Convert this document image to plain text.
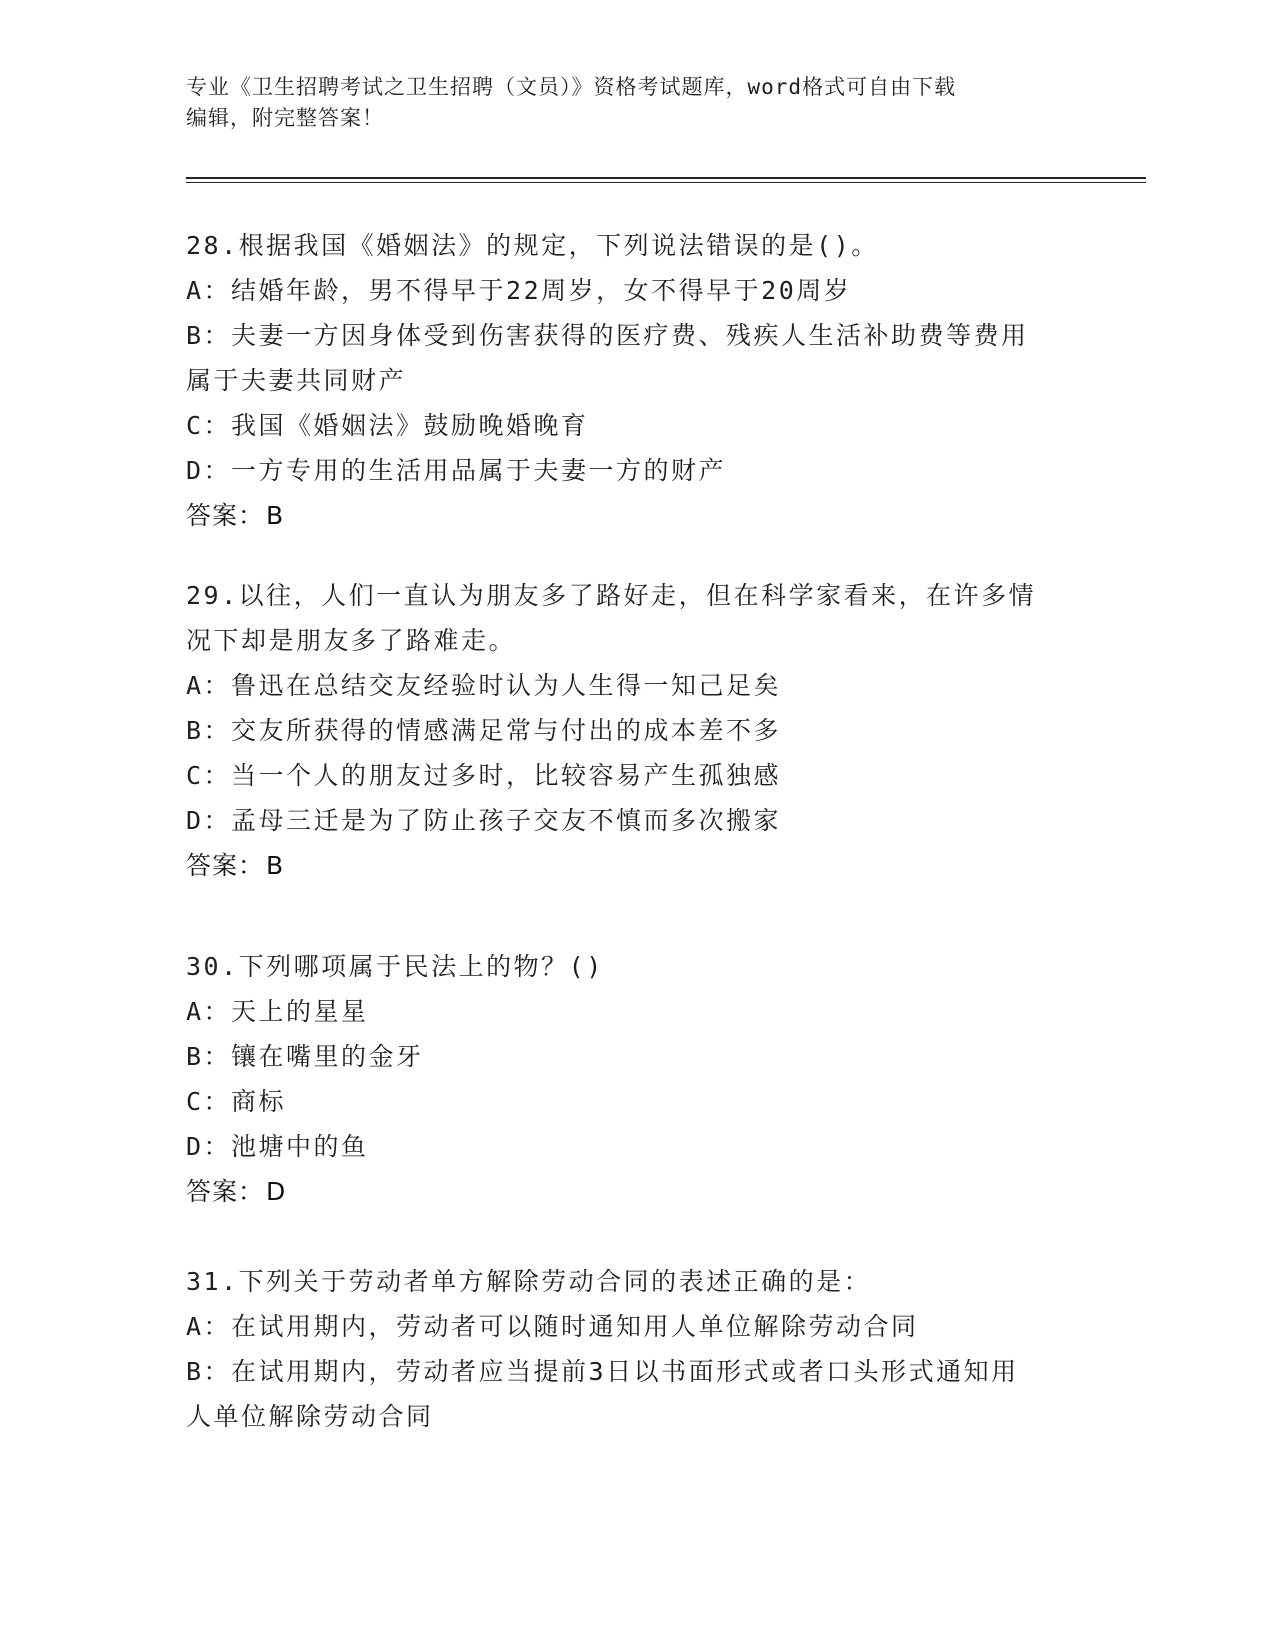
专业《卫生招聘考试之卫生招聘（文员）》资格考试题库，word格式可自由下载
编辑，附完整答案！
28.根据我国《婚姻法》的规定，下列说法错误的是()。
A：结婚年龄，男不得早于22周岁，女不得早于20周岁
B：夫妻一方因身体受到伤害获得的医疗费、残疾人生活补助费等费用
属于夫妻共同财产
C：我国《婚姻法》鼓励晚婚晚育
D：一方专用的生活用品属于夫妻一方的财产
答案：B
29.以往，人们一直认为朋友多了路好走，但在科学家看来，在许多情
况下却是朋友多了路难走。
A：鲁迅在总结交友经验时认为人生得一知己足矣
B：交友所获得的情感满足常与付出的成本差不多
C：当一个人的朋友过多时，比较容易产生孤独感
D：孟母三迁是为了防止孩子交友不慎而多次搬家
答案：B
30.下列哪项属于民法上的物？()
A：天上的星星
B：镶在嘴里的金牙
C：商标
D：池塘中的鱼
答案：D
31.下列关于劳动者单方解除劳动合同的表述正确的是：
A：在试用期内，劳动者可以随时通知用人单位解除劳动合同
B：在试用期内，劳动者应当提前3日以书面形式或者口头形式通知用
人单位解除劳动合同
